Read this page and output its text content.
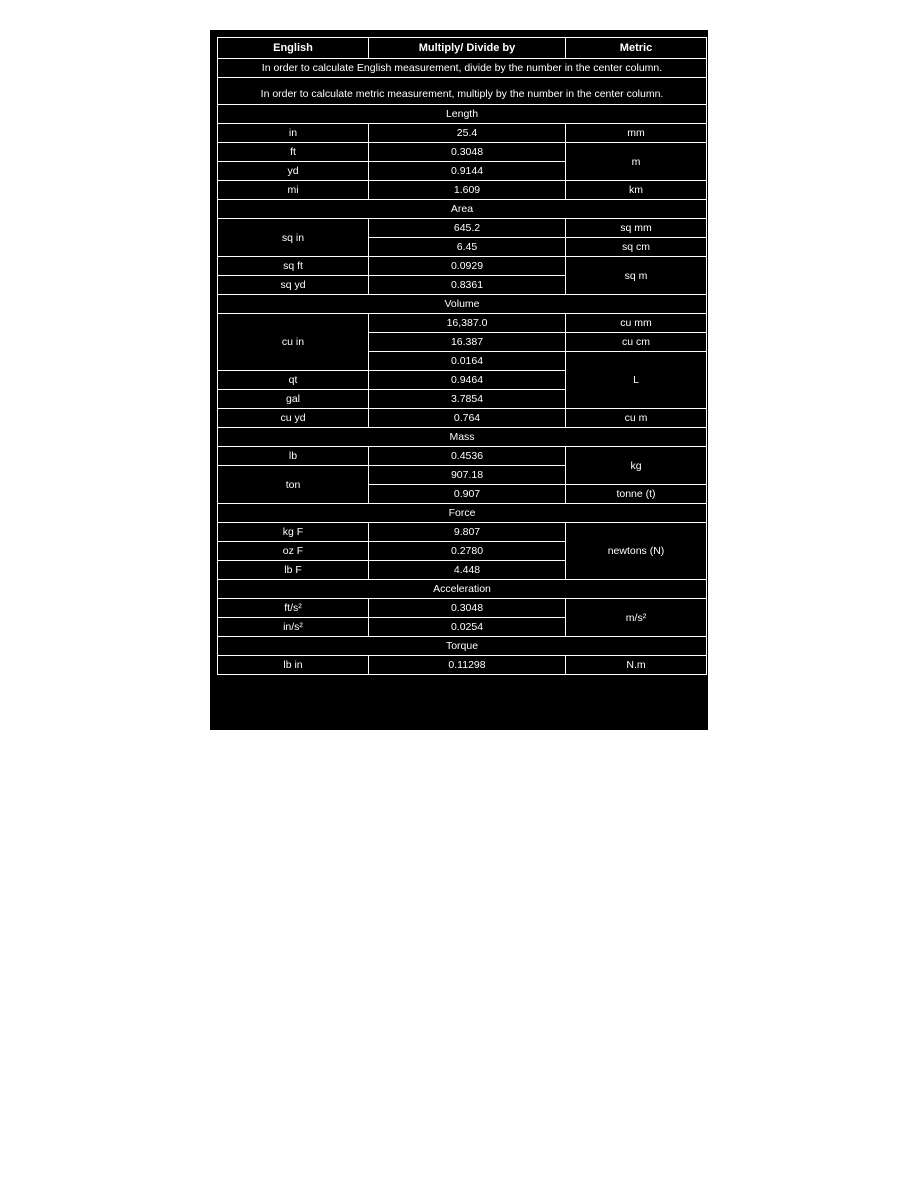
English	Multiply/ Divide by	Metric
In order to calculate English measurement, divide by the number in the center column.		
In order to calculate metric measurement, multiply by the number in the center column.		
Length		
in	25.4	mm
ft	0.3048	m
yd	0.9144	
mi	1.609	km
Area		
sq in	645.2	sq mm
	6.45	sq cm
sq ft	0.0929	sq m
sq yd	0.8361	
Volume		
cu in	16,387.0	cu mm
	16.387	cu cm
	0.0164	L
qt	0.9464	
gal	3.7854	
cu yd	0.764	cu m
Mass		
lb	0.4536	kg
ton	907.18	
	0.907	tonne (t)
Force		
kg F	9.807	newtons (N)
oz F	0.2780	
lb F	4.448	
Acceleration		
ft/s²	0.3048	m/s²
in/s²	0.0254	
Torque		
lb in	0.11298	N.m
